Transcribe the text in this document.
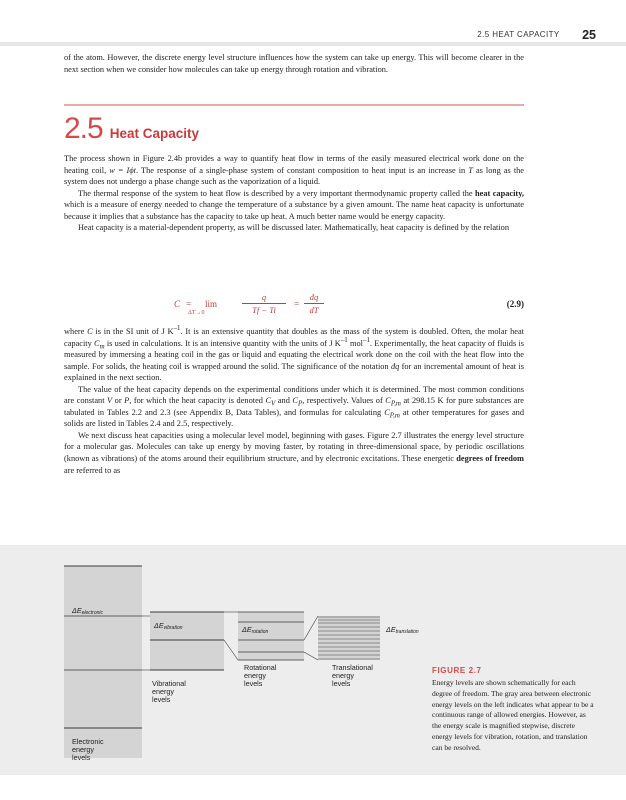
2.5 HEAT CAPACITY 25

of the atom. However, the discrete energy level structure influences how the system can take up energy. This will become clearer in the next section when we consider how molecules can take up energy through rotation and vibration.

2.5 Heat Capacity

The process shown in Figure 2.4b provides a way to quantify heat flow in terms of the easily measured electrical work done on the heating coil, w = Iϕt. The response of a single-phase system of constant composition to heat input is an increase in T as long as the system does not undergo a phase change such as the vaporization of a liquid.

The thermal response of the system to heat flow is described by a very important thermodynamic property called the heat capacity, which is a measure of energy needed to change the temperature of a substance by a given amount. The name heat capacity is unfortunate because it implies that a substance has the capacity to take up heat. A much better name would be energy capacity.

Heat capacity is a material-dependent property, as will be discussed later. Mathematically, heat capacity is defined by the relation

C =	lim
ΔT→0
q
Tf − Ti
=
đq
dT
(2.9)

where C is in the SI unit of J $K^{-1}$. It is an extensive quantity that doubles as the mass of the system is doubled. Often, the molar heat capacity $C_m$ is used in calculations. It is an intensive quantity with the units of J $K^{-1}$ mol$^{-1}$. Experimentally, the heat capacity of fluids is measured by immersing a heating coil in the gas or liquid and equating the electrical work done on the coil with the heat flow into the sample. For solids, the heating coil is wrapped around the solid. The significance of the notation đq for an incremental amount of heat is explained in the next section.

The value of the heat capacity depends on the experimental conditions under which it is determined. The most common conditions are constant V or P, for which the heat capacity is denoted $C_V$ and $C_P$, respectively. Values of $C_{P,m}$ at 298.15 K for pure substances are tabulated in Tables 2.2 and 2.3 (see Appendix B, Data Tables), and formulas for calculating $C_{P,m}$ at other temperatures for gases and solids are listed in Tables 2.4 and 2.5, respectively.

We next discuss heat capacities using a molecular level model, beginning with gases. Figure 2.7 illustrates the energy level structure for a molecular gas. Molecules can take up energy by moving faster, by rotating in three-dimensional space, by periodic oscillations (known as vibrations) of the atoms around their equilibrium structure, and by electronic excitations. These energetic degrees of freedom are referred to as

$\Delta E_{electronic}$
$\Delta E_{vibration}$	$\Delta E_{rotation}$	$\Delta E_{translation}$
Electronic
energy
levels
Vibrational
energy
levels
Rotational
energy
levels
Translational
energy
levels
FIGURE 2.7
Energy levels are shown schematically for each degree of freedom. The gray area between electronic energy levels on the left indicates what appear to be a continuous range of allowed energies. However, as the energy scale is magnified stepwise, discrete energy levels for vibration, rotation, and translation can be resolved.
